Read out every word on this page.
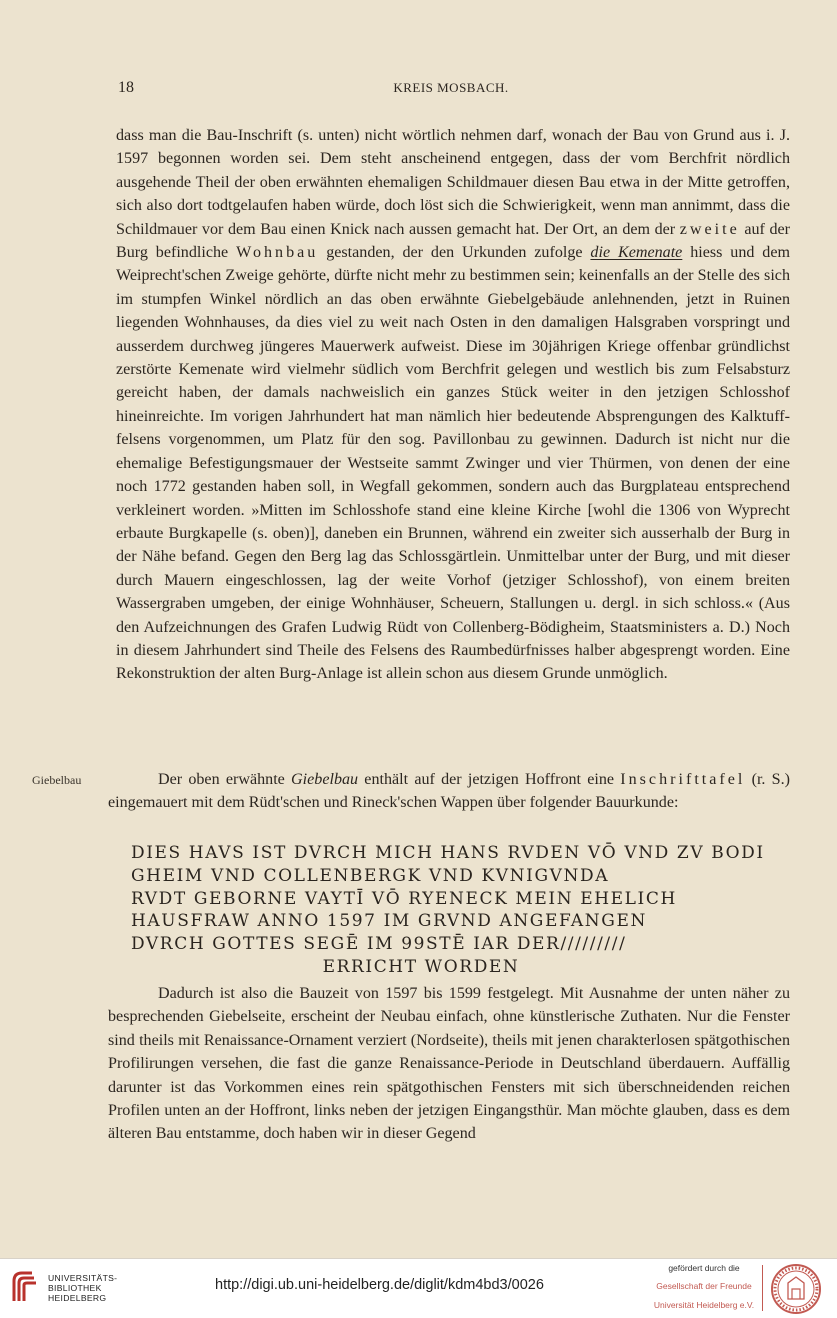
18	KREIS MOSBACH.
dass man die Bau-Inschrift (s. unten) nicht wörtlich nehmen darf, wonach der Bau von Grund aus i. J. 1597 begonnen worden sei. Dem steht anscheinend entgegen, dass der vom Berchfrit nördlich ausgehende Theil der oben erwähnten ehemaligen Schildmauer diesen Bau etwa in der Mitte getroffen, sich also dort todtgelaufen haben würde, doch löst sich die Schwierigkeit, wenn man annimmt, dass die Schildmauer vor dem Bau einen Knick nach aussen gemacht hat. Der Ort, an dem der zweite auf der Burg befindliche Wohnbau gestanden, der den Urkunden zufolge die Kemenate hiess und dem Weiprecht'schen Zweige gehörte, dürfte nicht mehr zu bestimmen sein; keinenfalls an der Stelle des sich im stumpfen Winkel nördlich an das oben erwähnte Giebelgebäude anlehnenden, jetzt in Ruinen liegenden Wohnhauses, da dies viel zu weit nach Osten in den damaligen Halsgraben vorspringt und ausserdem durchweg jüngeres Mauerwerk aufweist. Diese im 30jährigen Kriege offenbar gründlichst zerstörte Kemenate wird vielmehr südlich vom Berchfrit gelegen und westlich bis zum Felsabsturz gereicht haben, der damals nachweislich ein ganzes Stück weiter in den jetzigen Schlosshof hineinreichte. Im vorigen Jahrhundert hat man nämlich hier bedeutende Absprengungen des Kalktuff-felsens vorgenommen, um Platz für den sog. Pavillonbau zu gewinnen. Dadurch ist nicht nur die ehemalige Befestigungsmauer der Westseite sammt Zwinger und vier Thürmen, von denen der eine noch 1772 gestanden haben soll, in Wegfall gekommen, sondern auch das Burgplateau entsprechend verkleinert worden. »Mitten im Schlosshofe stand eine kleine Kirche [wohl die 1306 von Wyprecht erbaute Burgkapelle (s. oben)], daneben ein Brunnen, während ein zweiter sich ausserhalb der Burg in der Nähe befand. Gegen den Berg lag das Schlossgärtlein. Unmittelbar unter der Burg, und mit dieser durch Mauern eingeschlossen, lag der weite Vorhof (jetziger Schlosshof), von einem breiten Wassergraben umgeben, der einige Wohnhäuser, Scheuern, Stallungen u. dergl. in sich schloss.« (Aus den Aufzeichnungen des Grafen Ludwig Rüdt von Collenberg-Bödigheim, Staatsministers a. D.) Noch in diesem Jahrhundert sind Theile des Felsens des Raumbedürfnisses halber abgesprengt worden. Eine Rekonstruktion der alten Burg-Anlage ist allein schon aus diesem Grunde unmöglich.
Giebelbau	Der oben erwähnte Giebelbau enthält auf der jetzigen Hoffront eine Inschrifttafel (r. S.) eingemauert mit dem Rüdt'schen und Rineck'schen Wappen über folgender Bauurkunde:
DIES HAVS IST DVRCH MICH HANS RVDEN VŌ VND ZV BODI
GHEIM VND COLLENBERGK VND KVNIGVNDA
RVDT GEBORNE VAYTĪ VŌ RYENECK MEIN EHELICH
HAUSFRAW ANNO 1597 IM GRVND ANGEFANGEN
DVRCH GOTTES SEGĒ IM 99STĒ IAR DER/////////
ERRICHT WORDEN
Dadurch ist also die Bauzeit von 1597 bis 1599 festgelegt. Mit Ausnahme der unten näher zu besprechenden Giebelseite, erscheint der Neubau einfach, ohne künstlerische Zuthaten. Nur die Fenster sind theils mit Renaissance-Ornament verziert (Nordseite), theils mit jenen charakterlosen spätgothischen Profilirungen versehen, die fast die ganze Renaissance-Periode in Deutschland überdauern. Auffällig darunter ist das Vorkommen eines rein spätgothischen Fensters mit sich überschneidenden reichen Profilen unten an der Hoffront, links neben der jetzigen Eingangsthür. Man möchte glauben, dass es dem älteren Bau entstamme, doch haben wir in dieser Gegend
UNIVERSITÄTS-
BIBLIOTHEK
HEIDELBERG
http://digi.ub.uni-heidelberg.de/diglit/kdm4bd3/0026
gefördert durch die
Gesellschaft der Freunde
Universität Heidelberg e.V.
